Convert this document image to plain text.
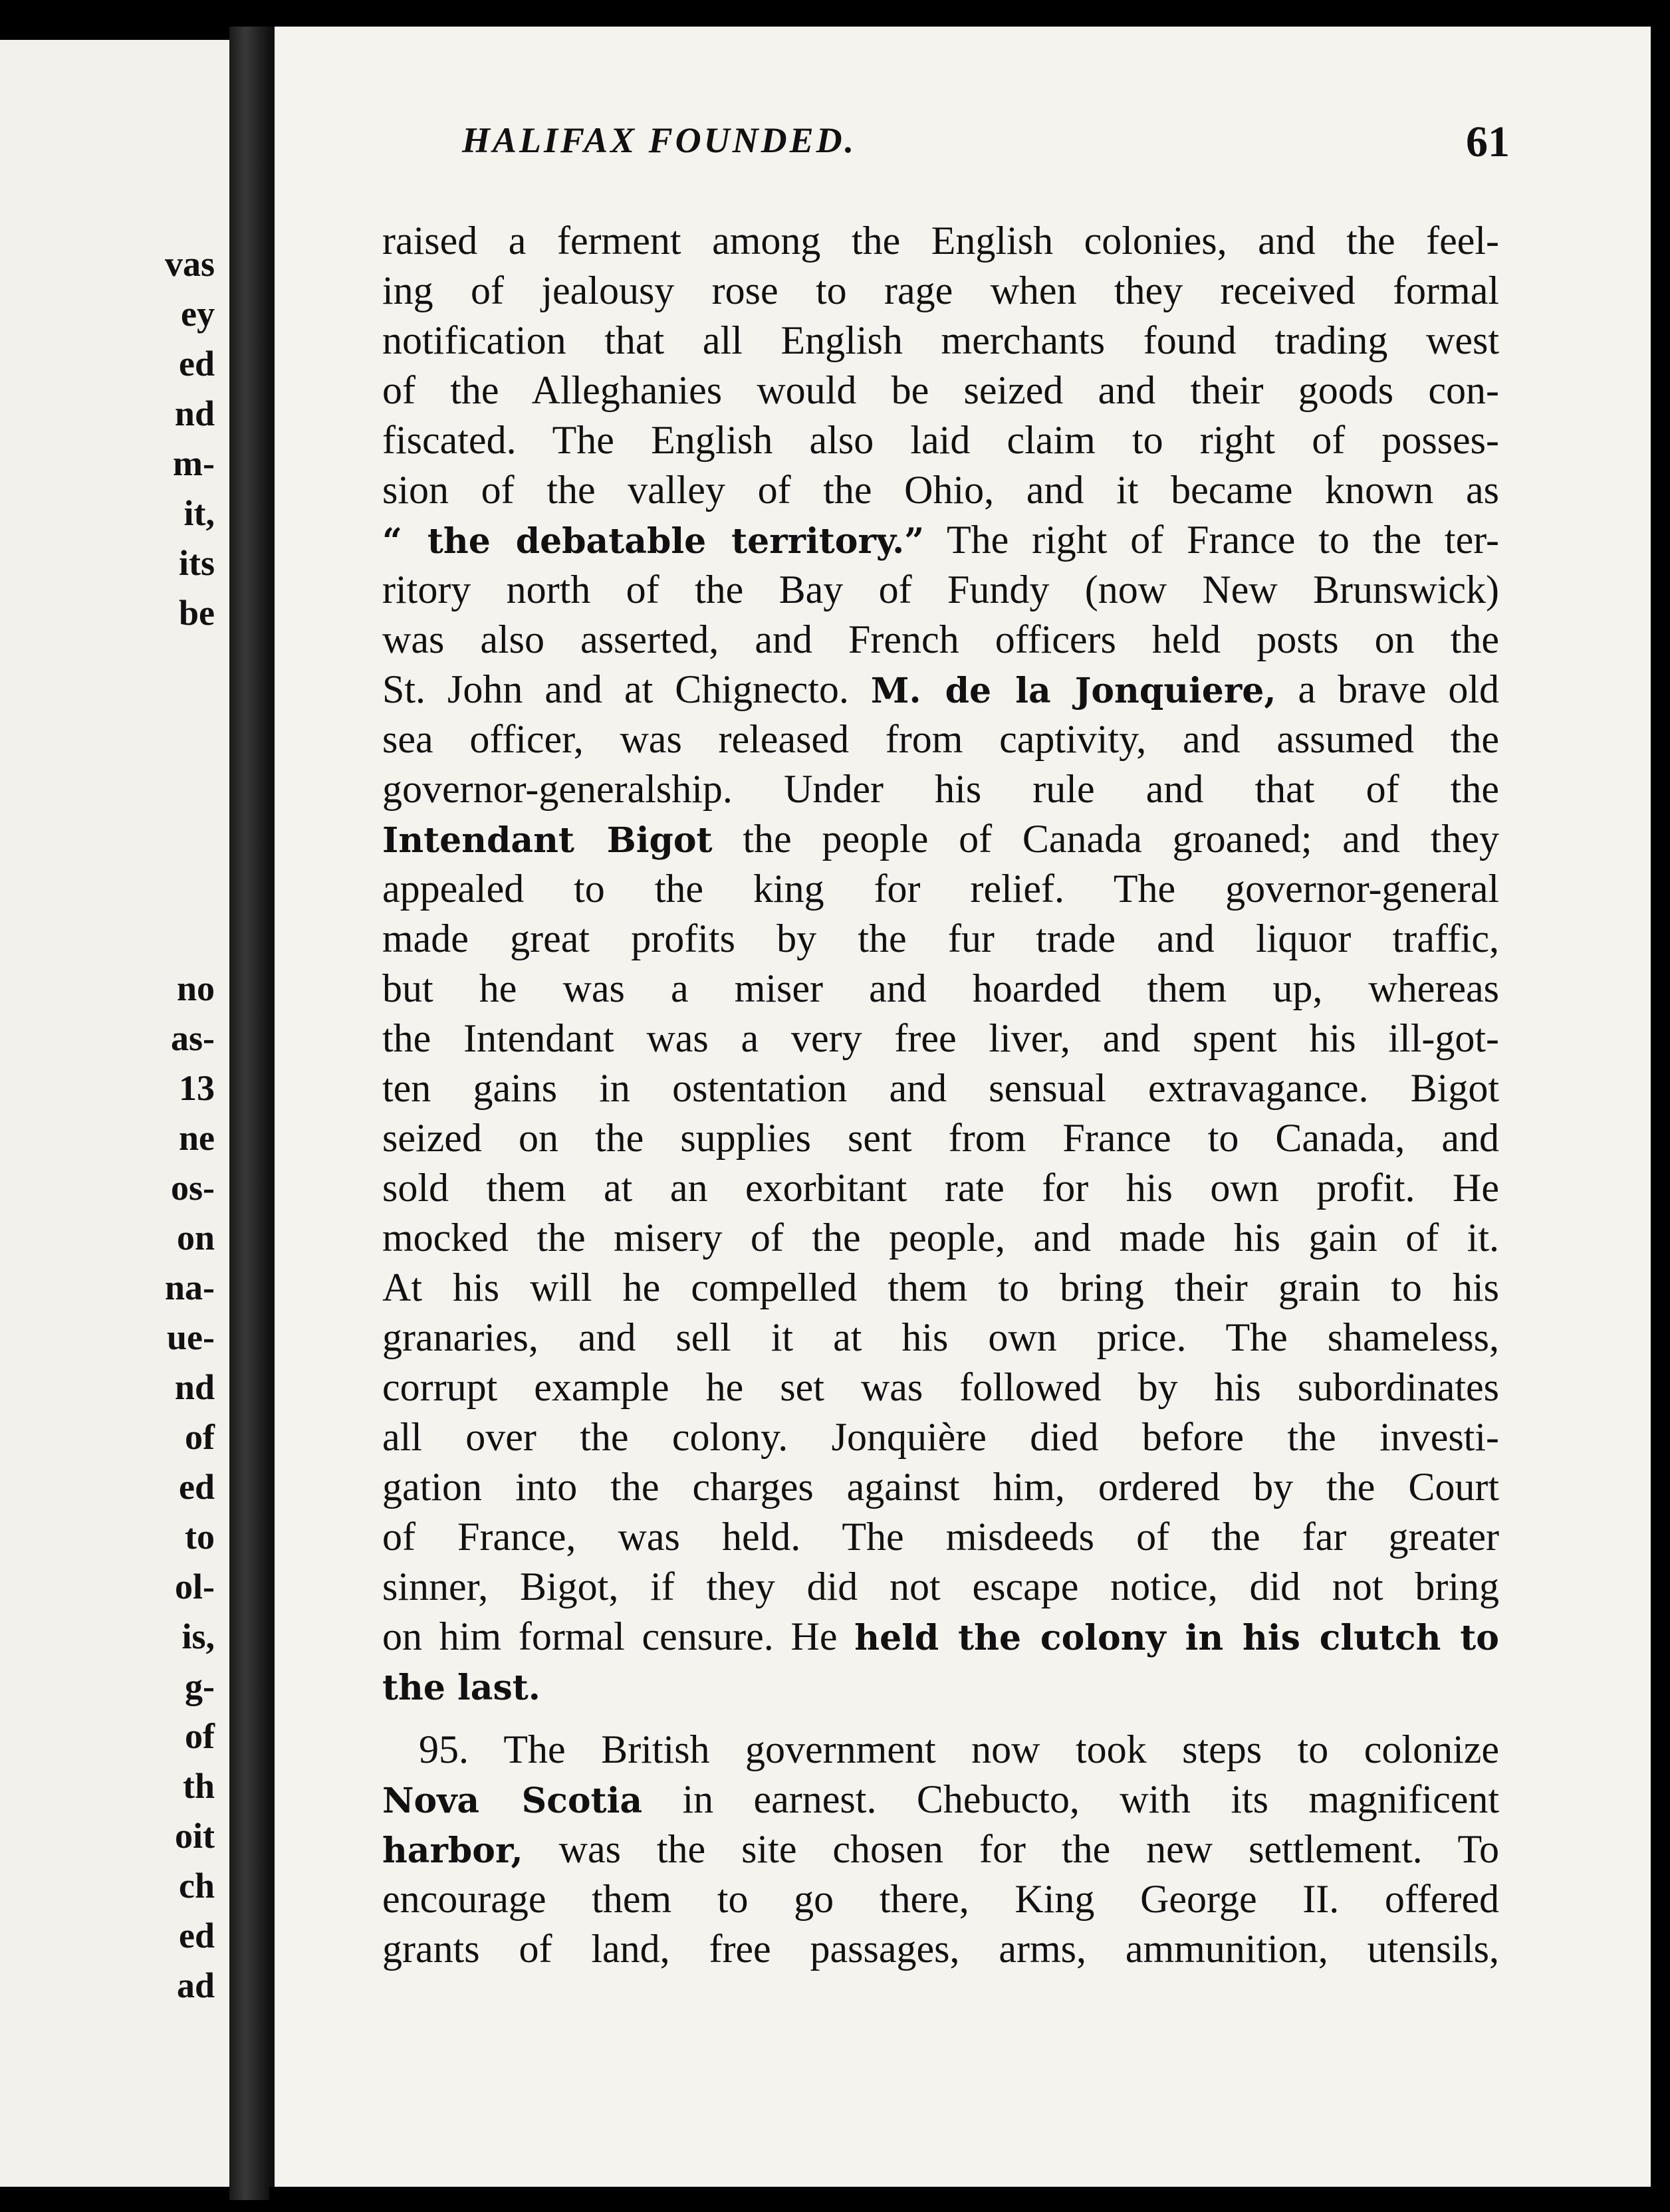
vas
ey
ed
nd
m-
it,
its
be
no
as-
13
ne
os-
on
na-
ue-
nd
of
ed
to
ol-
is,
g-
of
th
oit
ch
ed
ad
HALIFAX FOUNDED.	61
raised a ferment among the English colonies, and the feel-
ing of jealousy rose to rage when they received formal
notification that all English merchants found trading west
of the Alleghanies would be seized and their goods con-
fiscated. The English also laid claim to right of posses-
sion of the valley of the Ohio, and it became known as
“ the debatable territory.” The right of France to the ter-
ritory north of the Bay of Fundy (now New Brunswick)
was also asserted, and French officers held posts on the
St. John and at Chignecto. M. de la Jonquiere, a brave old
sea officer, was released from captivity, and assumed the
governor-generalship. Under his rule and that of the
Intendant Bigot the people of Canada groaned; and they
appealed to the king for relief. The governor-general
made great profits by the fur trade and liquor traffic,
but he was a miser and hoarded them up, whereas
the Intendant was a very free liver, and spent his ill-got-
ten gains in ostentation and sensual extravagance. Bigot
seized on the supplies sent from France to Canada, and
sold them at an exorbitant rate for his own profit. He
mocked the misery of the people, and made his gain of it.
At his will he compelled them to bring their grain to his
granaries, and sell it at his own price. The shameless,
corrupt example he set was followed by his subordinates
all over the colony. Jonquière died before the investi-
gation into the charges against him, ordered by the Court
of France, was held. The misdeeds of the far greater
sinner, Bigot, if they did not escape notice, did not bring
on him formal censure. He held the colony in his clutch to
the last.
95. The British government now took steps to colonize
Nova Scotia in earnest. Chebucto, with its magnificent
harbor, was the site chosen for the new settlement. To
encourage them to go there, King George II. offered
grants of land, free passages, arms, ammunition, utensils,
